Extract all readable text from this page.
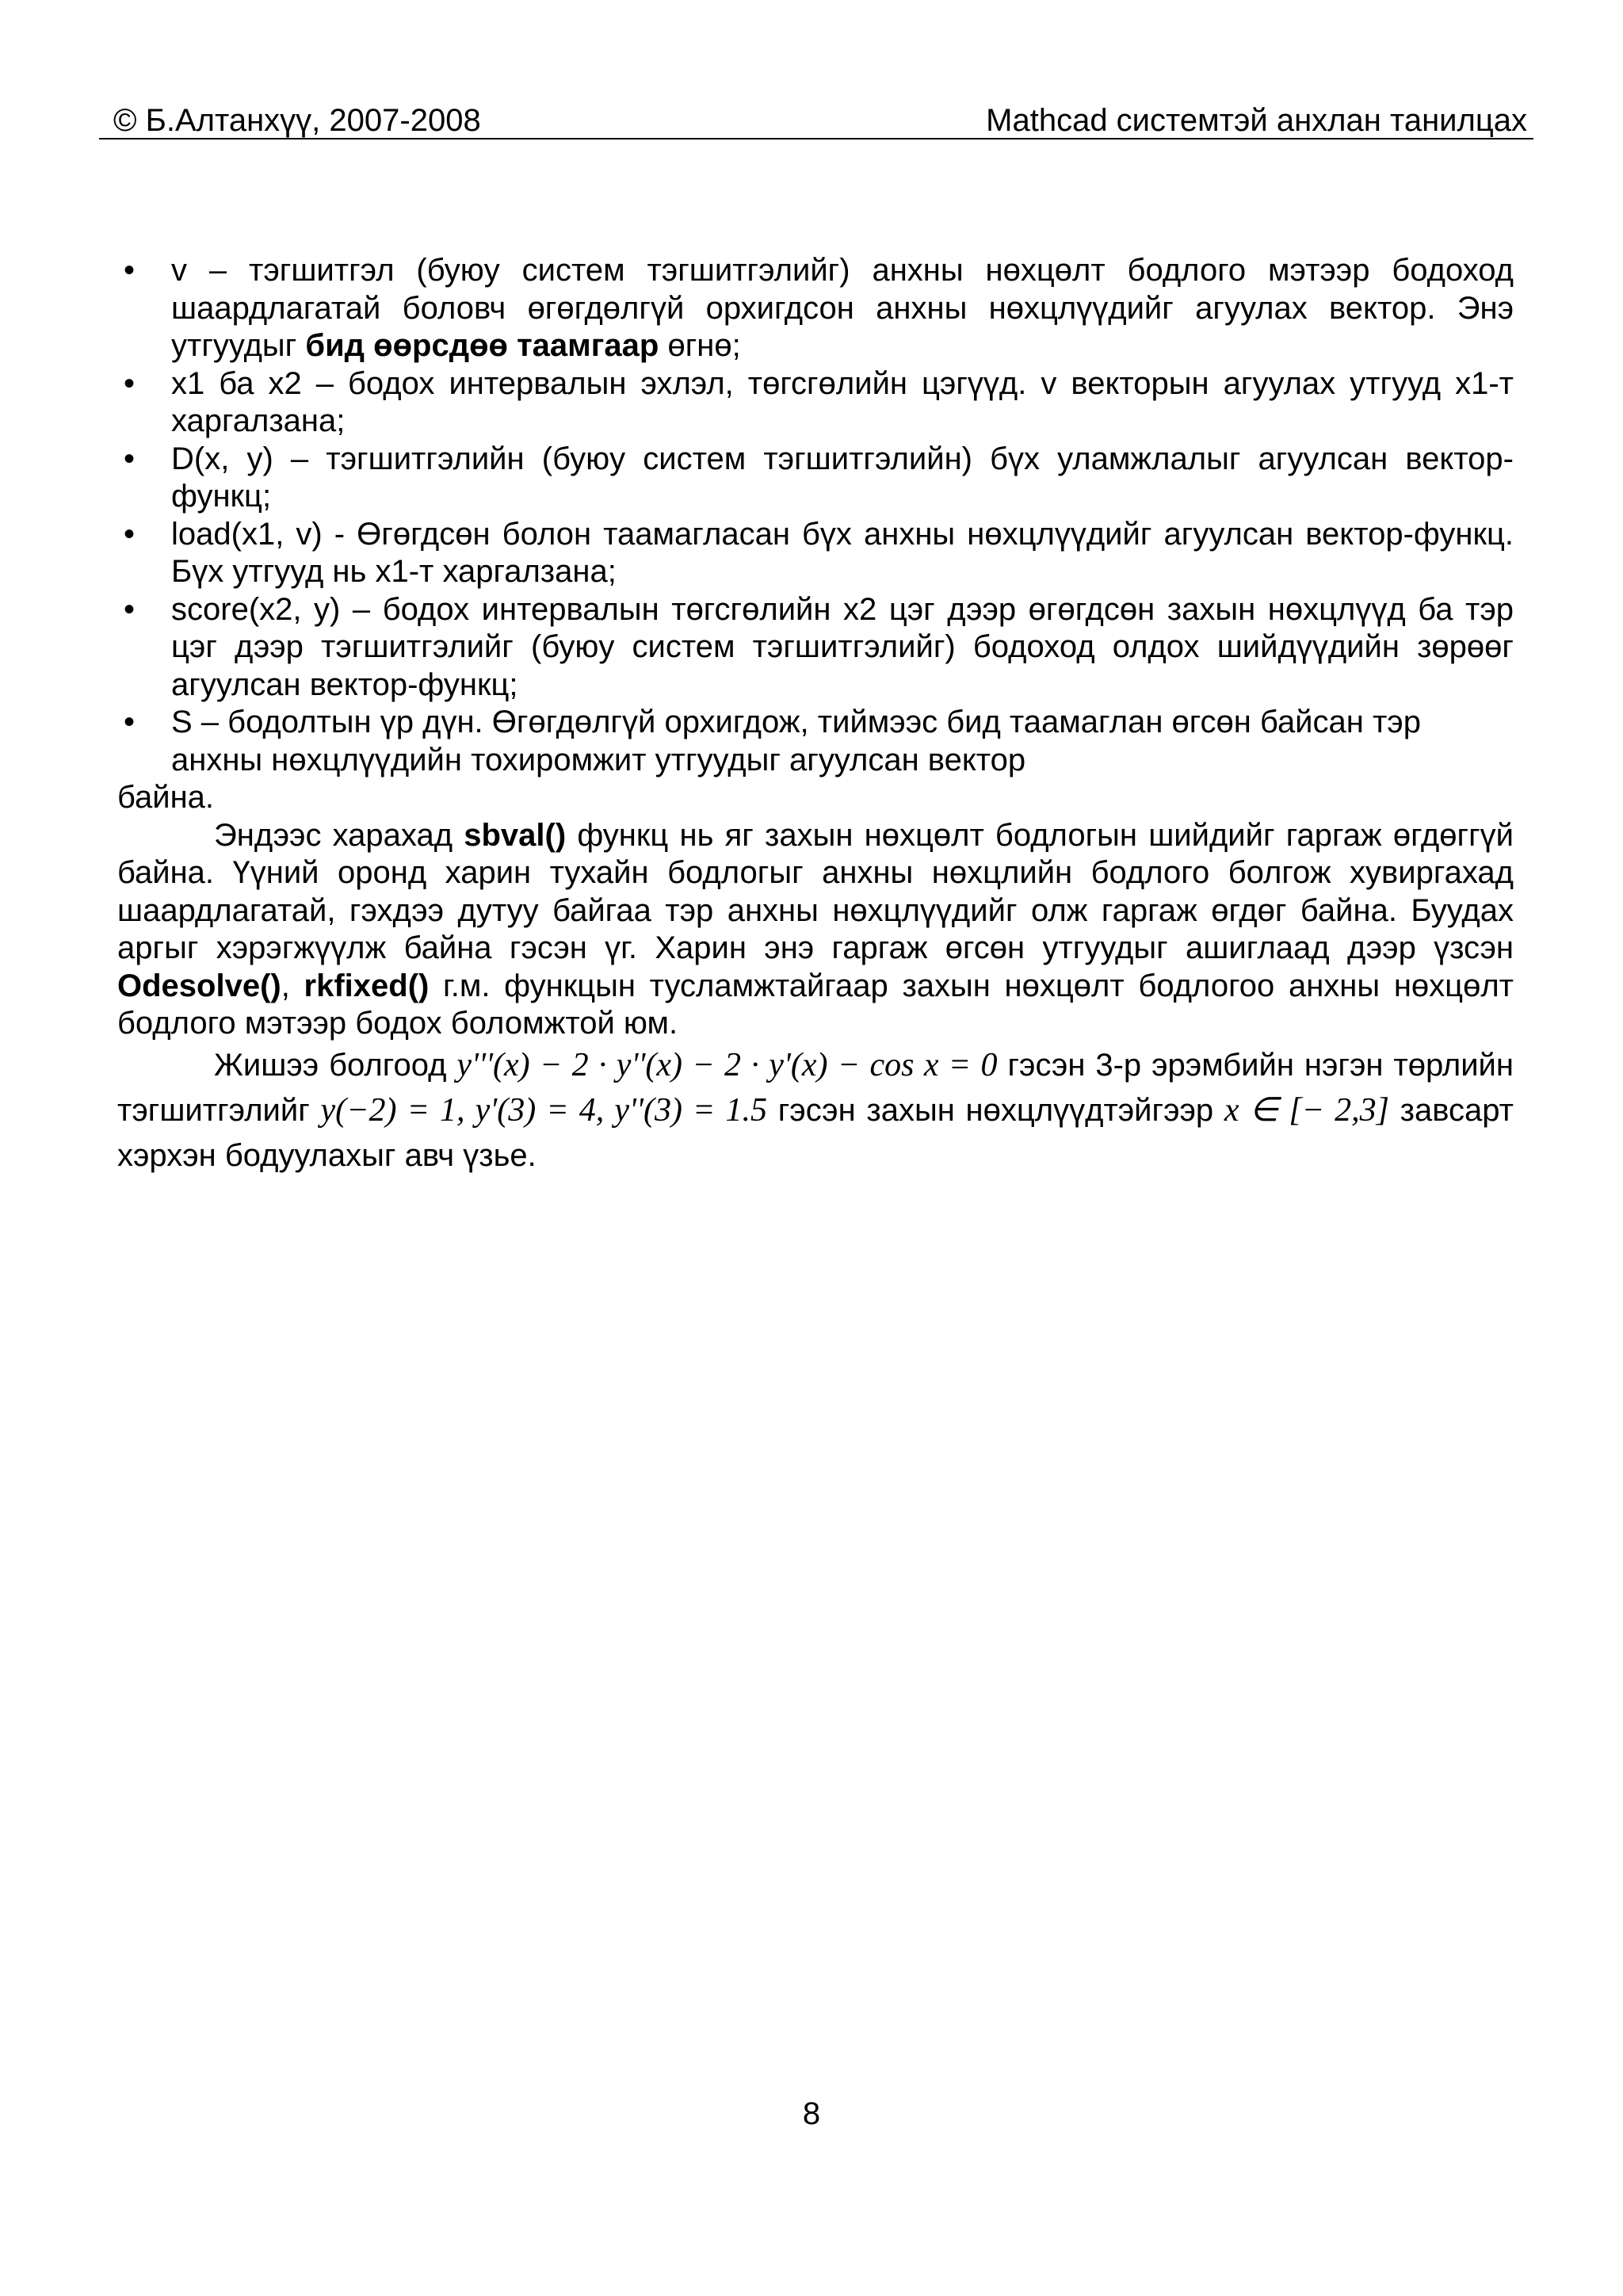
© Б.Алтанхүү, 2007-2008	Mathcad системтэй анхлан танилцах
• v – тэгшитгэл (буюу систем тэгшитгэлийг) анхны нөхцөлт бодлого мэтээр бодоход шаардлагатай боловч өгөгдөлгүй орхигдсон анхны нөхцлүүдийг агуулах вектор. Энэ утгуудыг бид өөрсдөө таамгаар өгнө;
• x1 ба x2 – бодох интервалын эхлэл, төгсгөлийн цэгүүд. v векторын агуулах утгууд x1-т харгалзана;
• D(x, y) – тэгшитгэлийн (буюу систем тэгшитгэлийн) бүх уламжлалыг агуулсан вектор-функц;
• load(x1, v) - Өгөгдсөн болон таамагласан бүх анхны нөхцлүүдийг агуулсан вектор-функц. Бүх утгууд нь x1-т харгалзана;
• score(x2, y) – бодох интервалын төгсгөлийн x2 цэг дээр өгөгдсөн захын нөхцлүүд ба тэр цэг дээр тэгшитгэлийг (буюу систем тэгшитгэлийг) бодоход олдох шийдүүдийн зөрөөг агуулсан вектор-функц;
• S – бодолтын үр дүн. Өгөгдөлгүй орхигдож, тиймээс бид таамаглан өгсөн байсан тэр анхны нөхцлүүдийн тохиромжит утгуудыг агуулсан вектор

байна.

Эндээс харахад sbval() функц нь яг захын нөхцөлт бодлогын шийдийг гаргаж өгдөггүй байна. Үүний оронд харин тухайн бодлогыг анхны нөхцлийн бодлого болгож хувиргахад шаардлагатай, гэхдээ дутуу байгаа тэр анхны нөхцлүүдийг олж гаргаж өгдөг байна. Буудах аргыг хэрэгжүүлж байна гэсэн үг. Харин энэ гаргаж өгсөн утгуудыг ашиглаад дээр үзсэн Odesolve(), rkfixed() г.м. функцын тусламжтайгаар захын нөхцөлт бодлогоо анхны нөхцөлт бодлого мэтээр бодох боломжтой юм.

Жишээ болгоод y'''(x) − 2 · y''(x) − 2 · y'(x) − cos x = 0 гэсэн 3-р эрэмбийн нэгэн төрлийн тэгшитгэлийг y(−2) = 1, y'(3) = 4, y''(3) = 1.5 гэсэн захын нөхцлүүдтэйгээр x ∈ [− 2,3] завсарт хэрхэн бодуулахыг авч үзье.

8
